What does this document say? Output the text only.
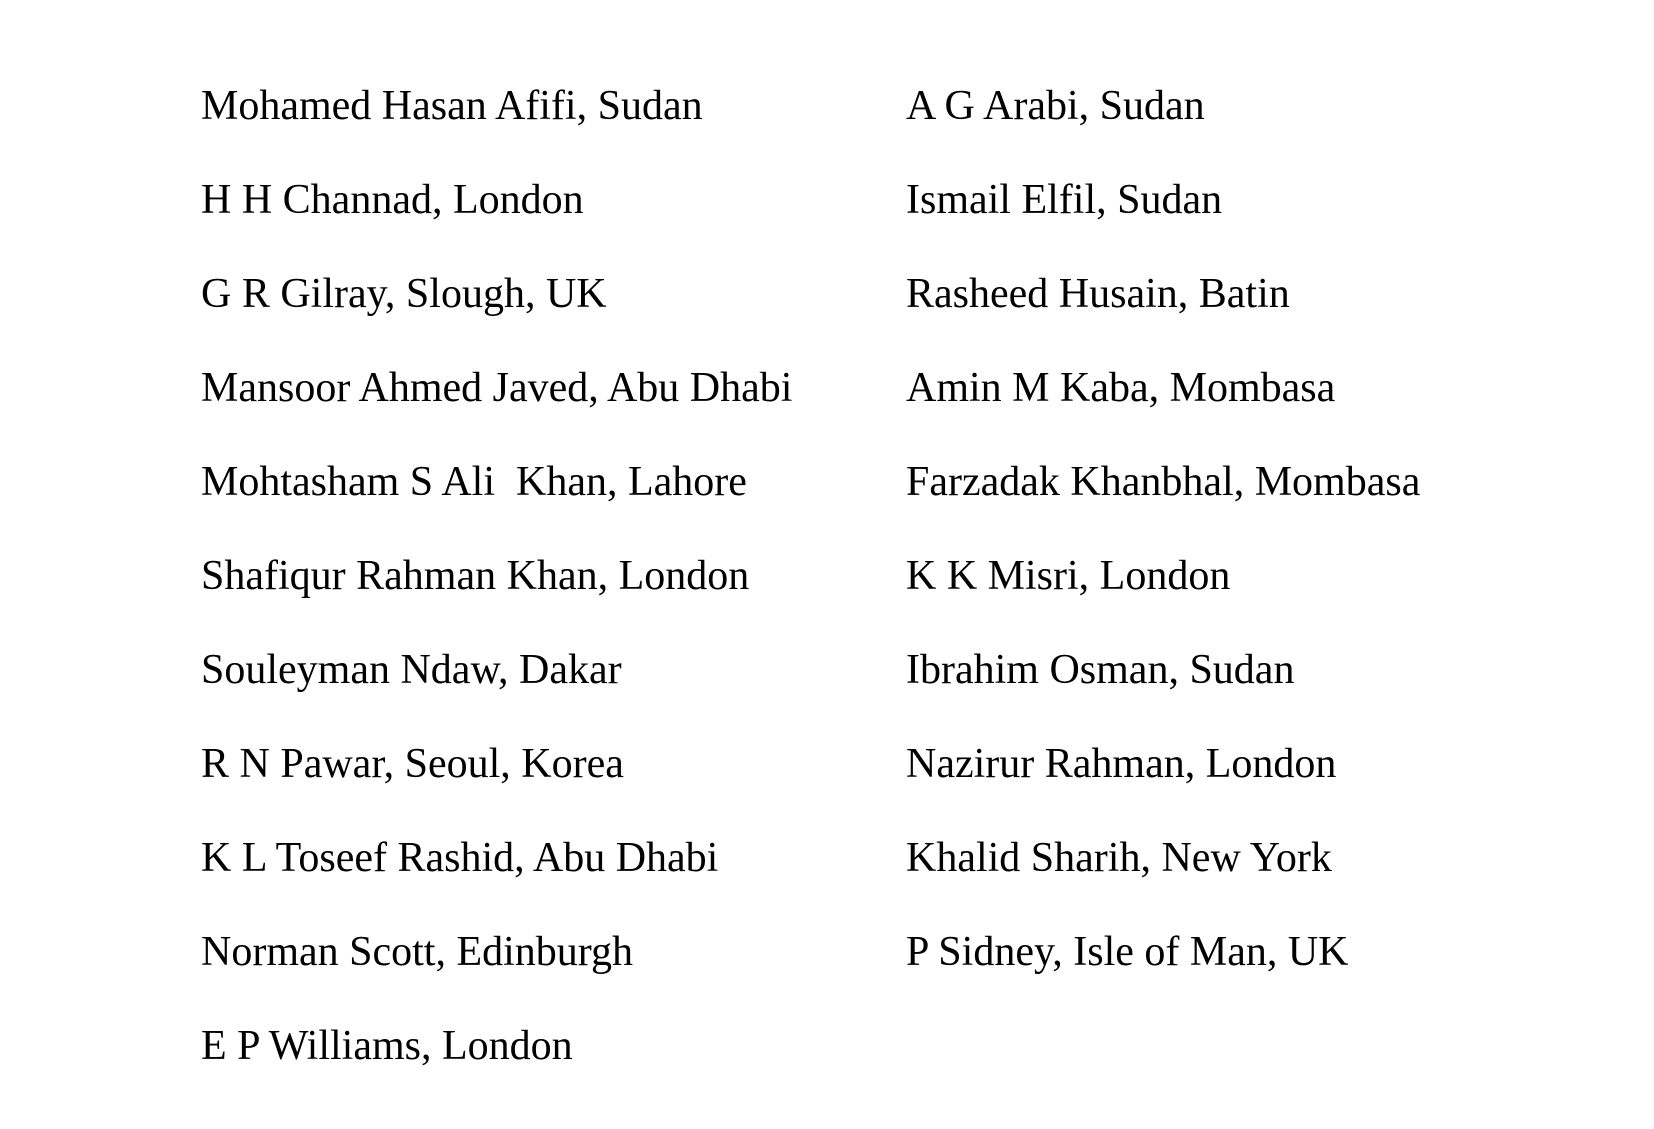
Mohamed Hasan Afifi, Sudan
H H Channad, London
G R Gilray, Slough, UK
Mansoor Ahmed Javed, Abu Dhabi
Mohtasham S Ali  Khan, Lahore
Shafiqur Rahman Khan, London
Souleyman Ndaw, Dakar
R N Pawar, Seoul, Korea
K L Toseef Rashid, Abu Dhabi
Norman Scott, Edinburgh
E P Williams, London
A G Arabi, Sudan
Ismail Elfil, Sudan
Rasheed Husain, Batin
Amin M Kaba, Mombasa
Farzadak Khanbhal, Mombasa
K K Misri, London
Ibrahim Osman, Sudan
Nazirur Rahman, London
Khalid Sharih, New York
P Sidney, Isle of Man, UK
